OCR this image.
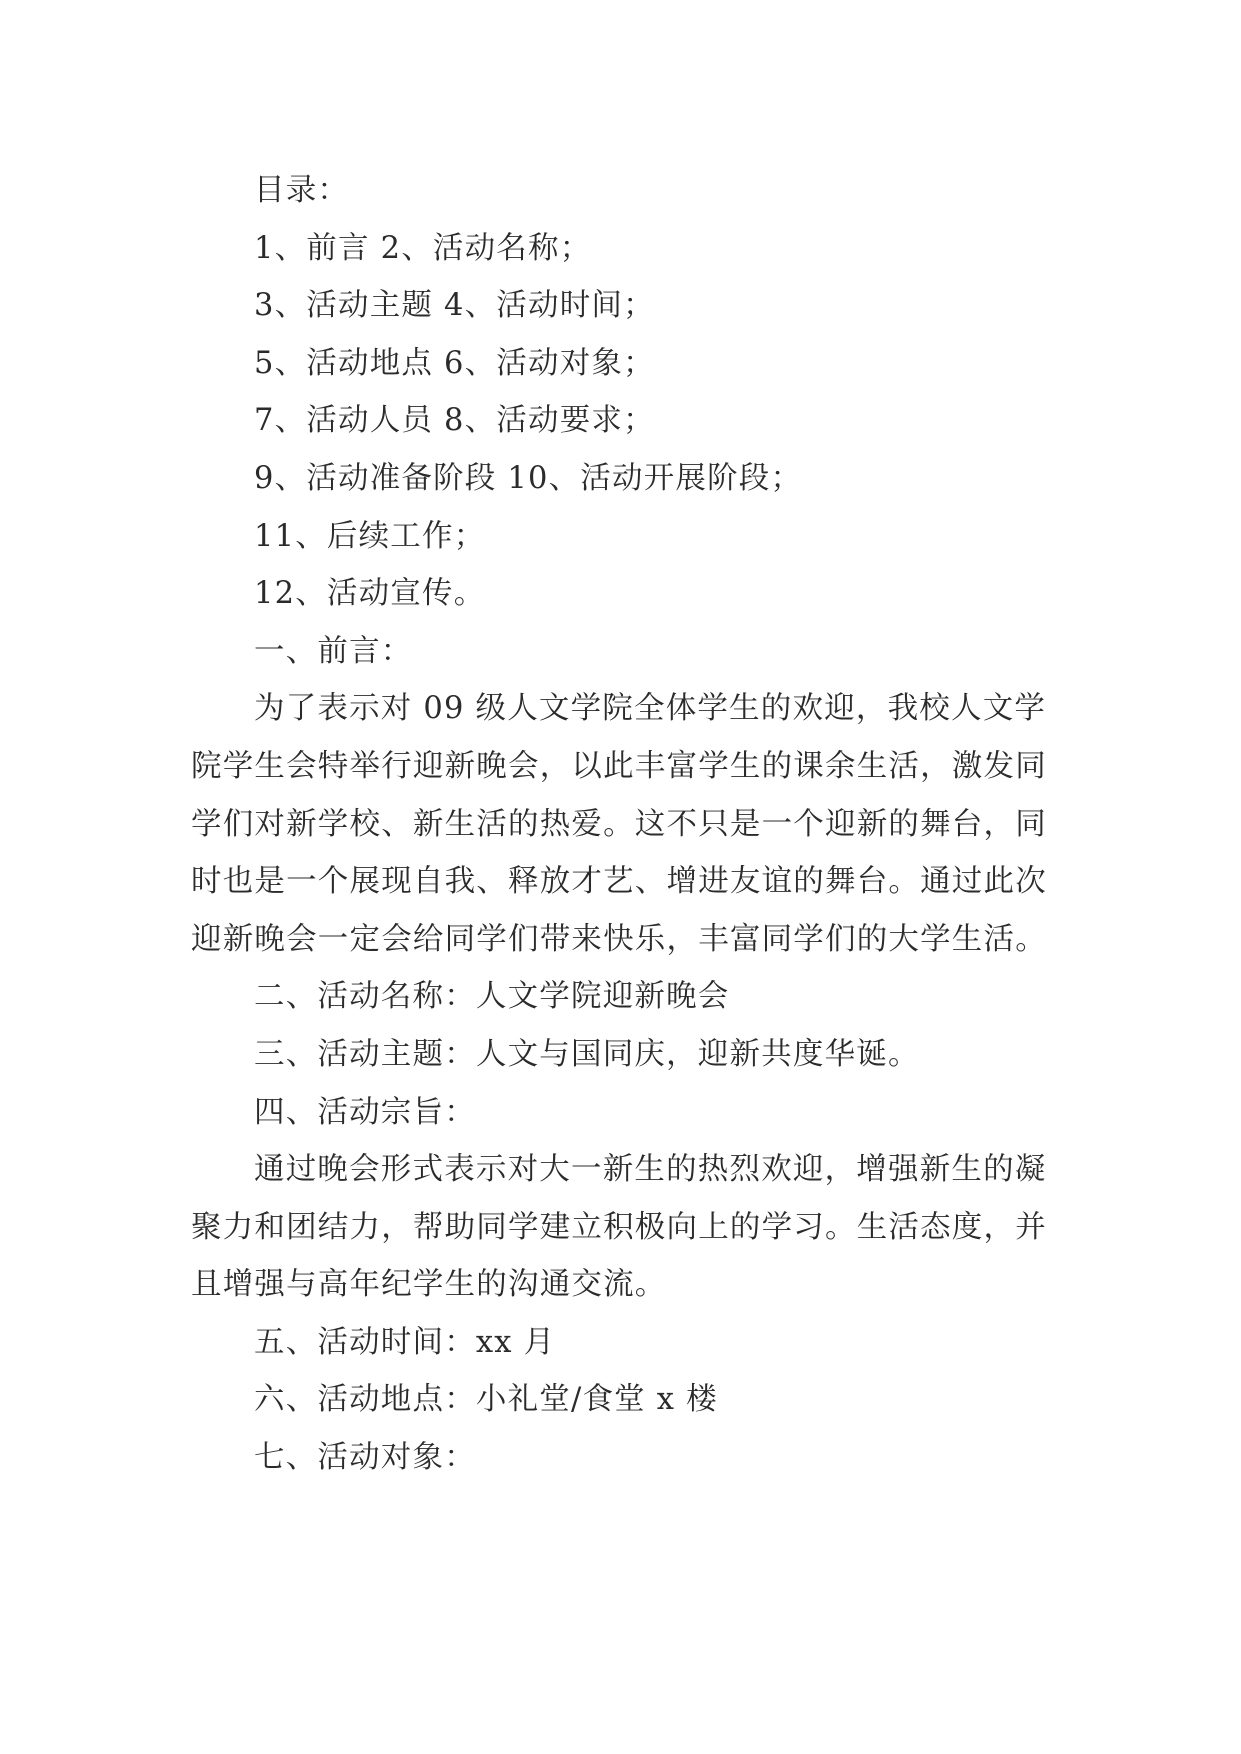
目录：
1、前言 2、活动名称；
3、活动主题 4、活动时间；
5、活动地点 6、活动对象；
7、活动人员 8、活动要求；
9、活动准备阶段 10、活动开展阶段；
11、后续工作；
12、活动宣传。
一、前言：

为了表示对 09 级人文学院全体学生的欢迎，我校人文学院学生会特举行迎新晚会，以此丰富学生的课余生活，激发同学们对新学校、新生活的热爱。这不只是一个迎新的舞台，同时也是一个展现自我、释放才艺、增进友谊的舞台。通过此次迎新晚会一定会给同学们带来快乐，丰富同学们的大学生活。

二、活动名称：人文学院迎新晚会
三、活动主题：人文与国同庆，迎新共度华诞。
四、活动宗旨：

通过晚会形式表示对大一新生的热烈欢迎，增强新生的凝聚力和团结力，帮助同学建立积极向上的学习。生活态度，并且增强与高年纪学生的沟通交流。

五、活动时间：xx 月
六、活动地点：小礼堂/食堂 x 楼
七、活动对象：
